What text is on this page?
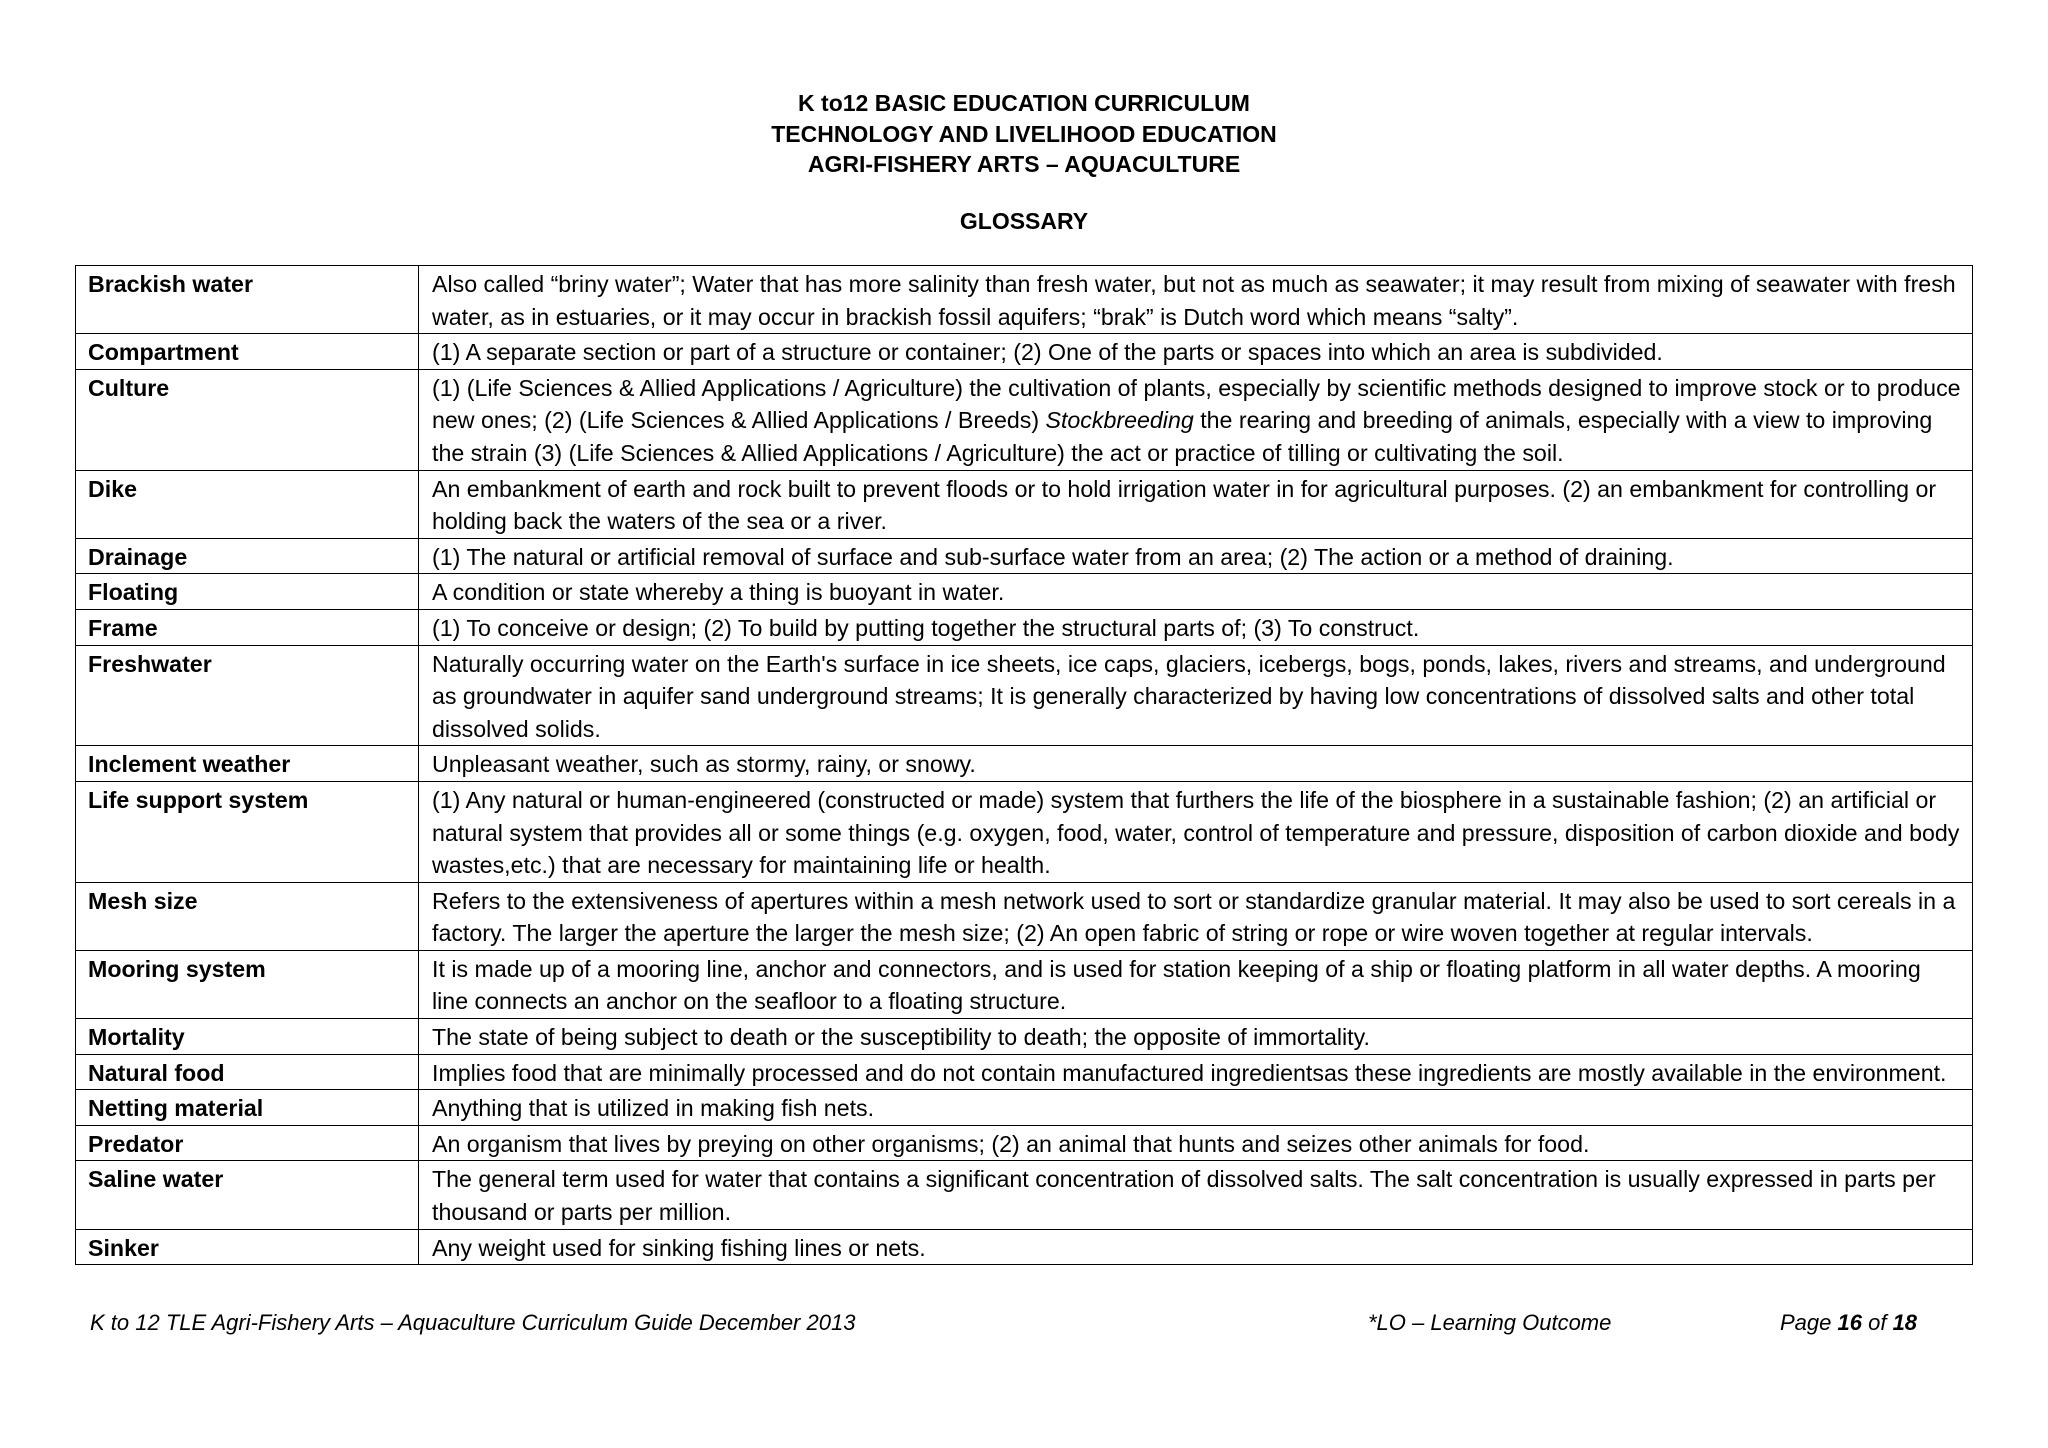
K to12 BASIC EDUCATION CURRICULUM
TECHNOLOGY AND LIVELIHOOD EDUCATION
AGRI-FISHERY ARTS – AQUACULTURE
GLOSSARY
Brackish water	Also called “briny water”; Water that has more salinity than fresh water, but not as much as seawater; it may result from mixing of seawater with fresh water, as in estuaries, or it may occur in brackish fossil aquifers; “brak” is Dutch word which means “salty”.
Compartment	(1) A separate section or part of a structure or container; (2) One of the parts or spaces into which an area is subdivided.
Culture	(1) (Life Sciences & Allied Applications / Agriculture) the cultivation of plants, especially by scientific methods designed to improve stock or to produce new ones; (2) (Life Sciences & Allied Applications / Breeds) Stockbreeding the rearing and breeding of animals, especially with a view to improving the strain (3) (Life Sciences & Allied Applications / Agriculture) the act or practice of tilling or cultivating the soil.
Dike	An embankment of earth and rock built to prevent floods or to hold irrigation water in for agricultural purposes. (2) an embankment for controlling or holding back the waters of the sea or a river.
Drainage	(1) The natural or artificial removal of surface and sub-surface water from an area; (2) The action or a method of draining.
Floating	A condition or state whereby a thing is buoyant in water.
Frame	(1) To conceive or design; (2) To build by putting together the structural parts of; (3) To construct.
Freshwater	Naturally occurring water on the Earth's surface in ice sheets, ice caps, glaciers, icebergs, bogs, ponds, lakes, rivers and streams, and underground as groundwater in aquifer sand underground streams; It is generally characterized by having low concentrations of dissolved salts and other total dissolved solids.
Inclement weather	Unpleasant weather, such as stormy, rainy, or snowy.
Life support system	(1) Any natural or human-engineered (constructed or made) system that furthers the life of the biosphere in a sustainable fashion; (2) an artificial or natural system that provides all or some things (e.g. oxygen, food, water, control of temperature and pressure, disposition of carbon dioxide and body wastes,etc.) that are necessary for maintaining life or health.
Mesh size	Refers to the extensiveness of apertures within a mesh network used to sort or standardize granular material. It may also be used to sort cereals in a factory. The larger the aperture the larger the mesh size; (2) An open fabric of string or rope or wire woven together at regular intervals.
Mooring system	It is made up of a mooring line, anchor and connectors, and is used for station keeping of a ship or floating platform in all water depths. A mooring line connects an anchor on the seafloor to a floating structure.
Mortality	The state of being subject to death or the susceptibility to death; the opposite of immortality.
Natural food	Implies food that are minimally processed and do not contain manufactured ingredientsas these ingredients are mostly available in the environment.
Netting material	Anything that is utilized in making fish nets.
Predator	An organism that lives by preying on other organisms; (2) an animal that hunts and seizes other animals for food.
Saline water	The general term used for water that contains a significant concentration of dissolved salts. The salt concentration is usually expressed in parts per thousand or parts per million.
Sinker	Any weight used for sinking fishing lines or nets.
K to 12 TLE Agri-Fishery Arts – Aquaculture Curriculum Guide December 2013	*LO – Learning Outcome	Page 16 of 18
